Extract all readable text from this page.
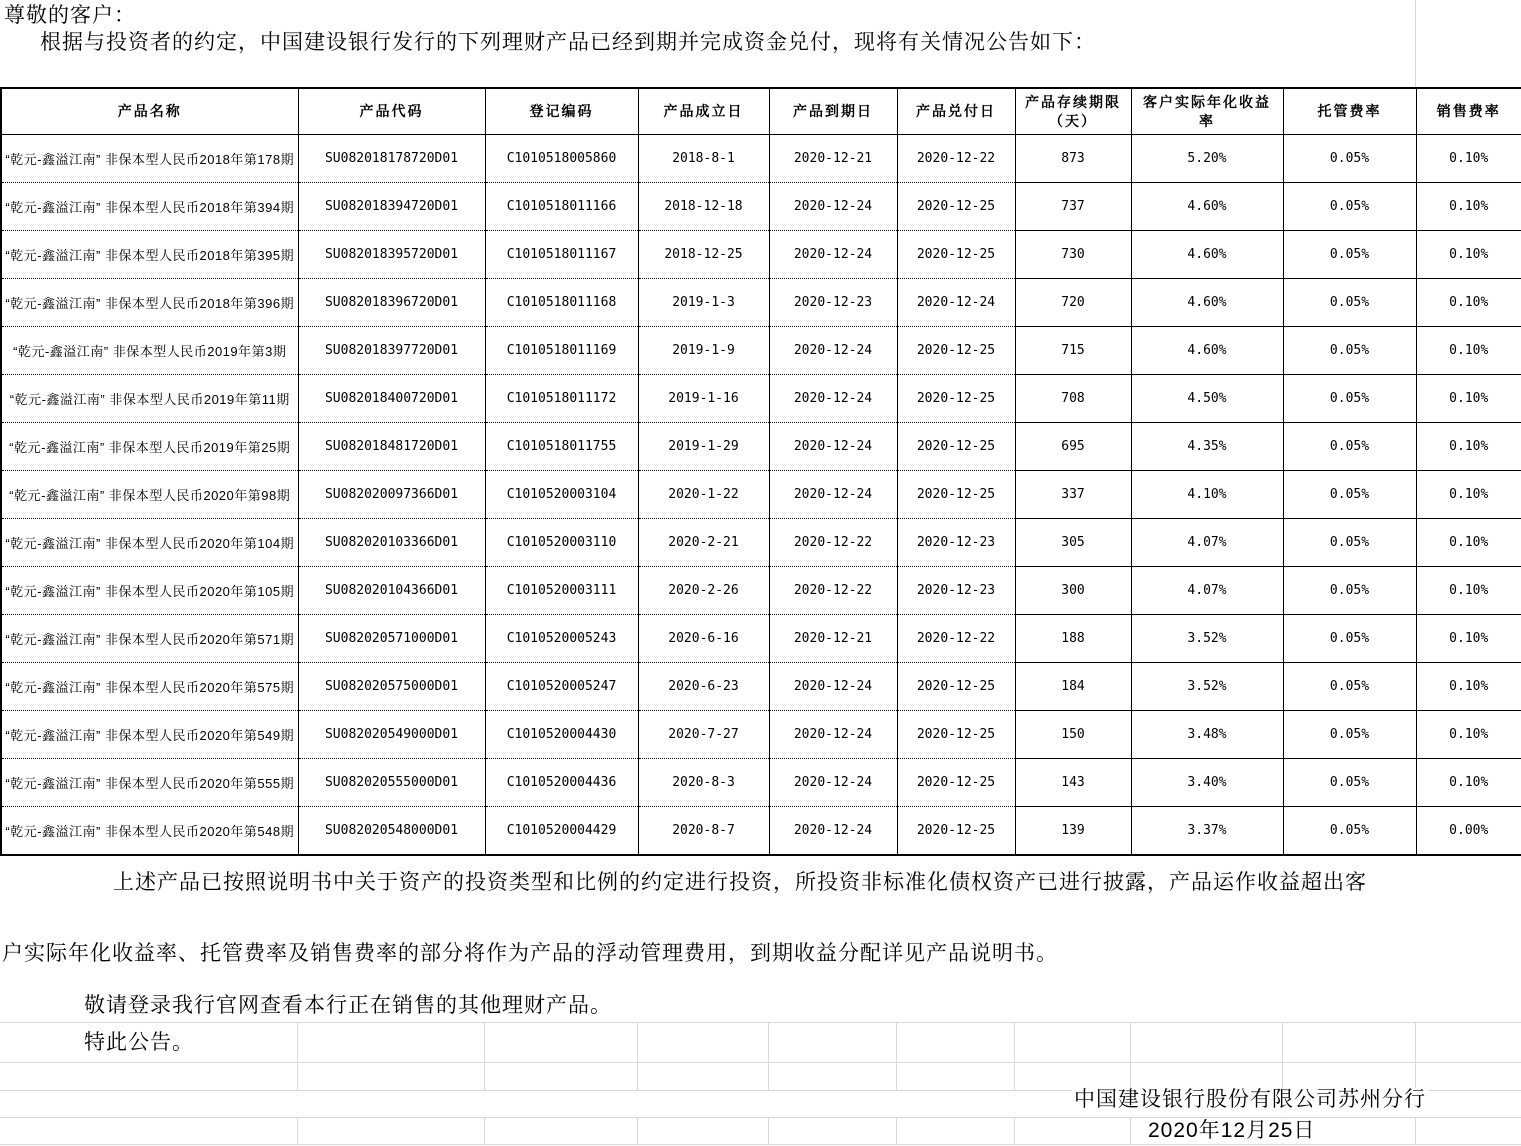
尊敬的客户：
根据与投资者的约定，中国建设银行发行的下列理财产品已经到期并完成资金兑付，现将有关情况公告如下：
产品名称	产品代码	登记编码	产品成立日	产品到期日	产品兑付日	产品存续期限（天）	客户实际年化收益率	托管费率	销售费率
“乾元-鑫溢江南” 非保本型人民币2018年第178期	SU082018178720D01	C1010518005860	2018-8-1	2020-12-21	2020-12-22	873	5.20%	0.05%	0.10%
“乾元-鑫溢江南” 非保本型人民币2018年第394期	SU082018394720D01	C1010518011166	2018-12-18	2020-12-24	2020-12-25	737	4.60%	0.05%	0.10%
“乾元-鑫溢江南” 非保本型人民币2018年第395期	SU082018395720D01	C1010518011167	2018-12-25	2020-12-24	2020-12-25	730	4.60%	0.05%	0.10%
“乾元-鑫溢江南” 非保本型人民币2018年第396期	SU082018396720D01	C1010518011168	2019-1-3	2020-12-23	2020-12-24	720	4.60%	0.05%	0.10%
“乾元-鑫溢江南” 非保本型人民币2019年第3期	SU082018397720D01	C1010518011169	2019-1-9	2020-12-24	2020-12-25	715	4.60%	0.05%	0.10%
“乾元-鑫溢江南” 非保本型人民币2019年第11期	SU082018400720D01	C1010518011172	2019-1-16	2020-12-24	2020-12-25	708	4.50%	0.05%	0.10%
“乾元-鑫溢江南” 非保本型人民币2019年第25期	SU082018481720D01	C1010518011755	2019-1-29	2020-12-24	2020-12-25	695	4.35%	0.05%	0.10%
“乾元-鑫溢江南” 非保本型人民币2020年第98期	SU082020097366D01	C1010520003104	2020-1-22	2020-12-24	2020-12-25	337	4.10%	0.05%	0.10%
“乾元-鑫溢江南” 非保本型人民币2020年第104期	SU082020103366D01	C1010520003110	2020-2-21	2020-12-22	2020-12-23	305	4.07%	0.05%	0.10%
“乾元-鑫溢江南” 非保本型人民币2020年第105期	SU082020104366D01	C1010520003111	2020-2-26	2020-12-22	2020-12-23	300	4.07%	0.05%	0.10%
“乾元-鑫溢江南” 非保本型人民币2020年第571期	SU082020571000D01	C1010520005243	2020-6-16	2020-12-21	2020-12-22	188	3.52%	0.05%	0.10%
“乾元-鑫溢江南” 非保本型人民币2020年第575期	SU082020575000D01	C1010520005247	2020-6-23	2020-12-24	2020-12-25	184	3.52%	0.05%	0.10%
“乾元-鑫溢江南” 非保本型人民币2020年第549期	SU082020549000D01	C1010520004430	2020-7-27	2020-12-24	2020-12-25	150	3.48%	0.05%	0.10%
“乾元-鑫溢江南” 非保本型人民币2020年第555期	SU082020555000D01	C1010520004436	2020-8-3	2020-12-24	2020-12-25	143	3.40%	0.05%	0.10%
“乾元-鑫溢江南” 非保本型人民币2020年第548期	SU082020548000D01	C1010520004429	2020-8-7	2020-12-24	2020-12-25	139	3.37%	0.05%	0.00%
上述产品已按照说明书中关于资产的投资类型和比例的约定进行投资，所投资非标准化债权资产已进行披露，产品运作收益超出客
户实际年化收益率、托管费率及销售费率的部分将作为产品的浮动管理费用，到期收益分配详见产品说明书。
敬请登录我行官网查看本行正在销售的其他理财产品。
特此公告。
中国建设银行股份有限公司苏州分行
2020年12月25日
